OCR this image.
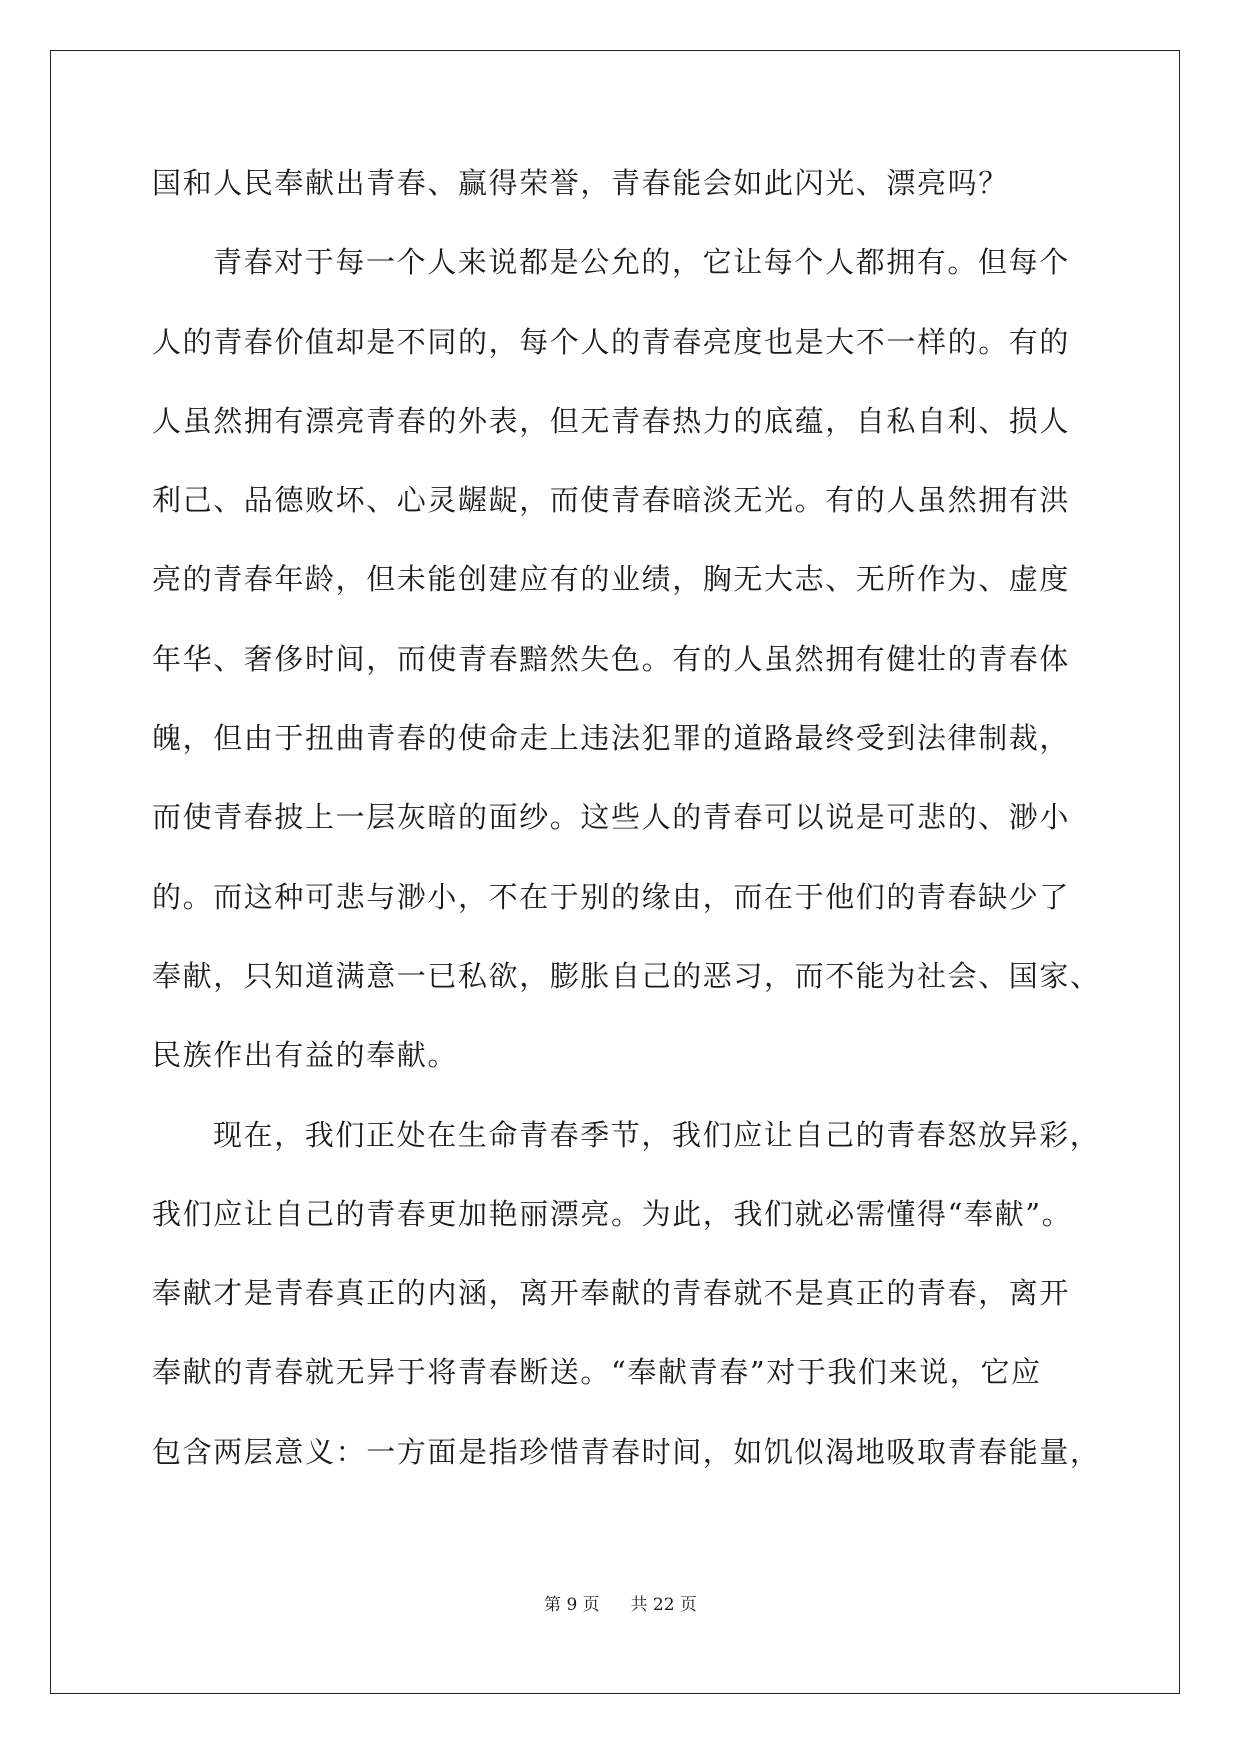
国和人民奉献出青春、赢得荣誉，青春能会如此闪光、漂亮吗？
青春对于每一个人来说都是公允的，它让每个人都拥有。但每个
人的青春价值却是不同的，每个人的青春亮度也是大不一样的。有的
人虽然拥有漂亮青春的外表，但无青春热力的底蕴，自私自利、损人
利己、品德败坏、心灵龌龊，而使青春暗淡无光。有的人虽然拥有洪
亮的青春年龄，但未能创建应有的业绩，胸无大志、无所作为、虚度
年华、奢侈时间，而使青春黯然失色。有的人虽然拥有健壮的青春体
魄，但由于扭曲青春的使命走上违法犯罪的道路最终受到法律制裁，
而使青春披上一层灰暗的面纱。这些人的青春可以说是可悲的、渺小
的。而这种可悲与渺小，不在于别的缘由，而在于他们的青春缺少了
奉献，只知道满意一已私欲，膨胀自己的恶习，而不能为社会、国家、
民族作出有益的奉献。
现在，我们正处在生命青春季节，我们应让自己的青春怒放异彩，
我们应让自己的青春更加艳丽漂亮。为此，我们就必需懂得“奉献”。
奉献才是青春真正的内涵，离开奉献的青春就不是真正的青春，离开
奉献的青春就无异于将青春断送。“奉献青春”对于我们来说，它应
包含两层意义：一方面是指珍惜青春时间，如饥似渴地吸取青春能量，
第 9 页 共 22 页
